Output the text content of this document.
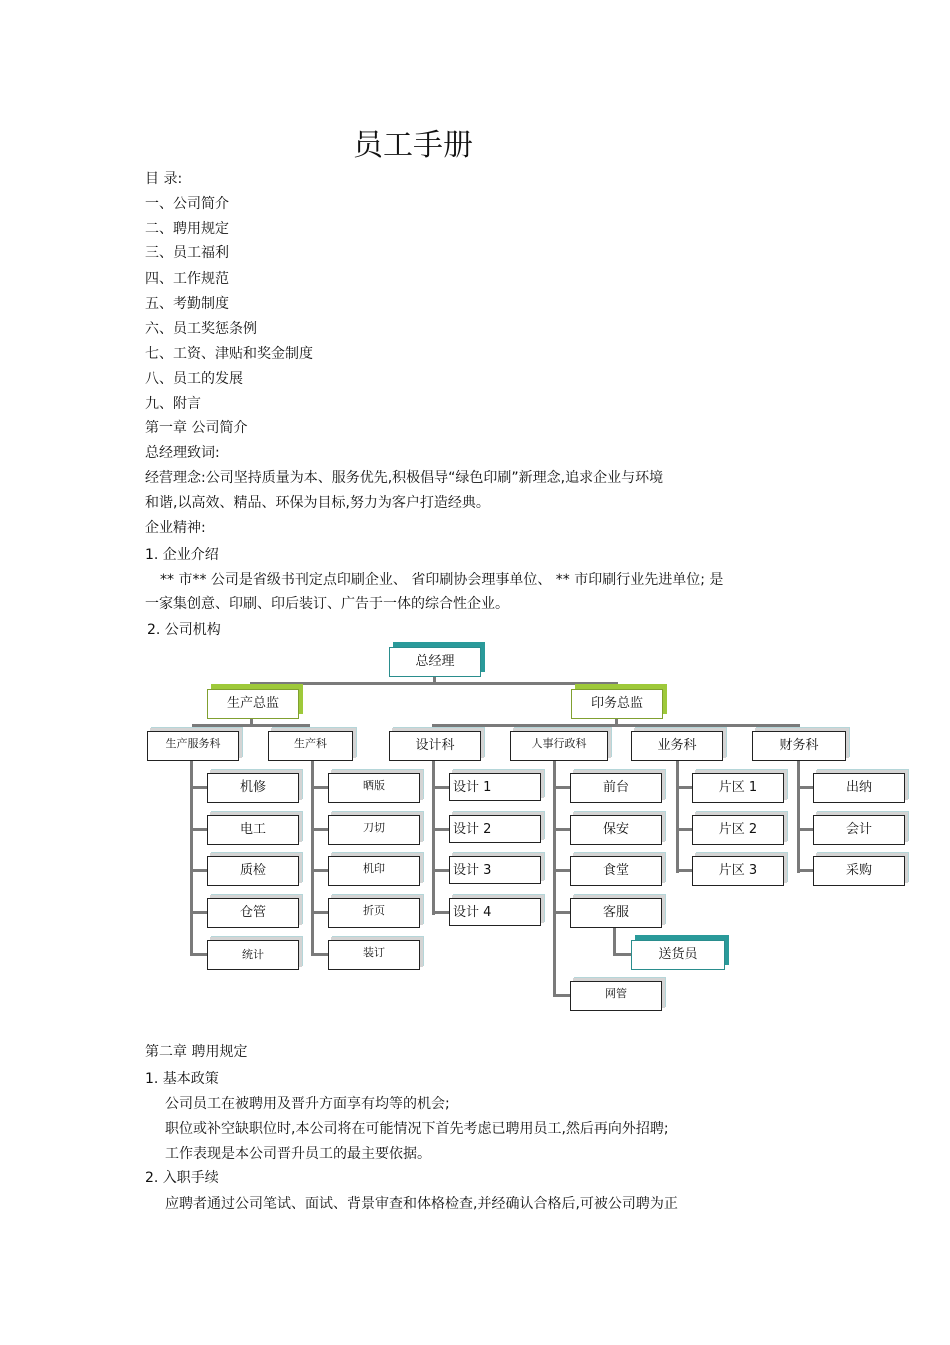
员工手册
目 录:
一、公司简介
二、聘用规定
三、员工福利
四、工作规范
五、考勤制度
六、员工奖惩条例
七、工资、津贴和奖金制度
八、员工的发展
九、附言
第一章 公司简介
总经理致词:
经营理念:公司坚持质量为本、服务优先,积极倡导“绿色印刷”新理念,追求企业与环境
和谐,以高效、精品、环保为目标,努力为客户打造经典。
企业精神:
1. 企业介绍
** 市** 公司是省级书刊定点印刷企业、 省印刷协会理事单位、 ** 市印刷行业先进单位; 是
一家集创意、印刷、印后装订、广告于一体的综合性企业。
2. 公司机构
总经理
生产总监	印务总监
生产服务科	生产科	设计科	人事行政科	业务科	财务科
机修
电工
质检
仓管
统计
晒版
刀切
机印
折页
装订
设计 1
设计 2
设计 3
设计 4
前台
保安
食堂
客服
送货员
网管
片区 1
片区 2
片区 3
出纳
会计
采购
第二章 聘用规定
1. 基本政策
公司员工在被聘用及晋升方面享有均等的机会;
职位或补空缺职位时,本公司将在可能情况下首先考虑已聘用员工,然后再向外招聘;
工作表现是本公司晋升员工的最主要依据。
2. 入职手续
应聘者通过公司笔试、面试、背景审查和体格检查,并经确认合格后,可被公司聘为正
